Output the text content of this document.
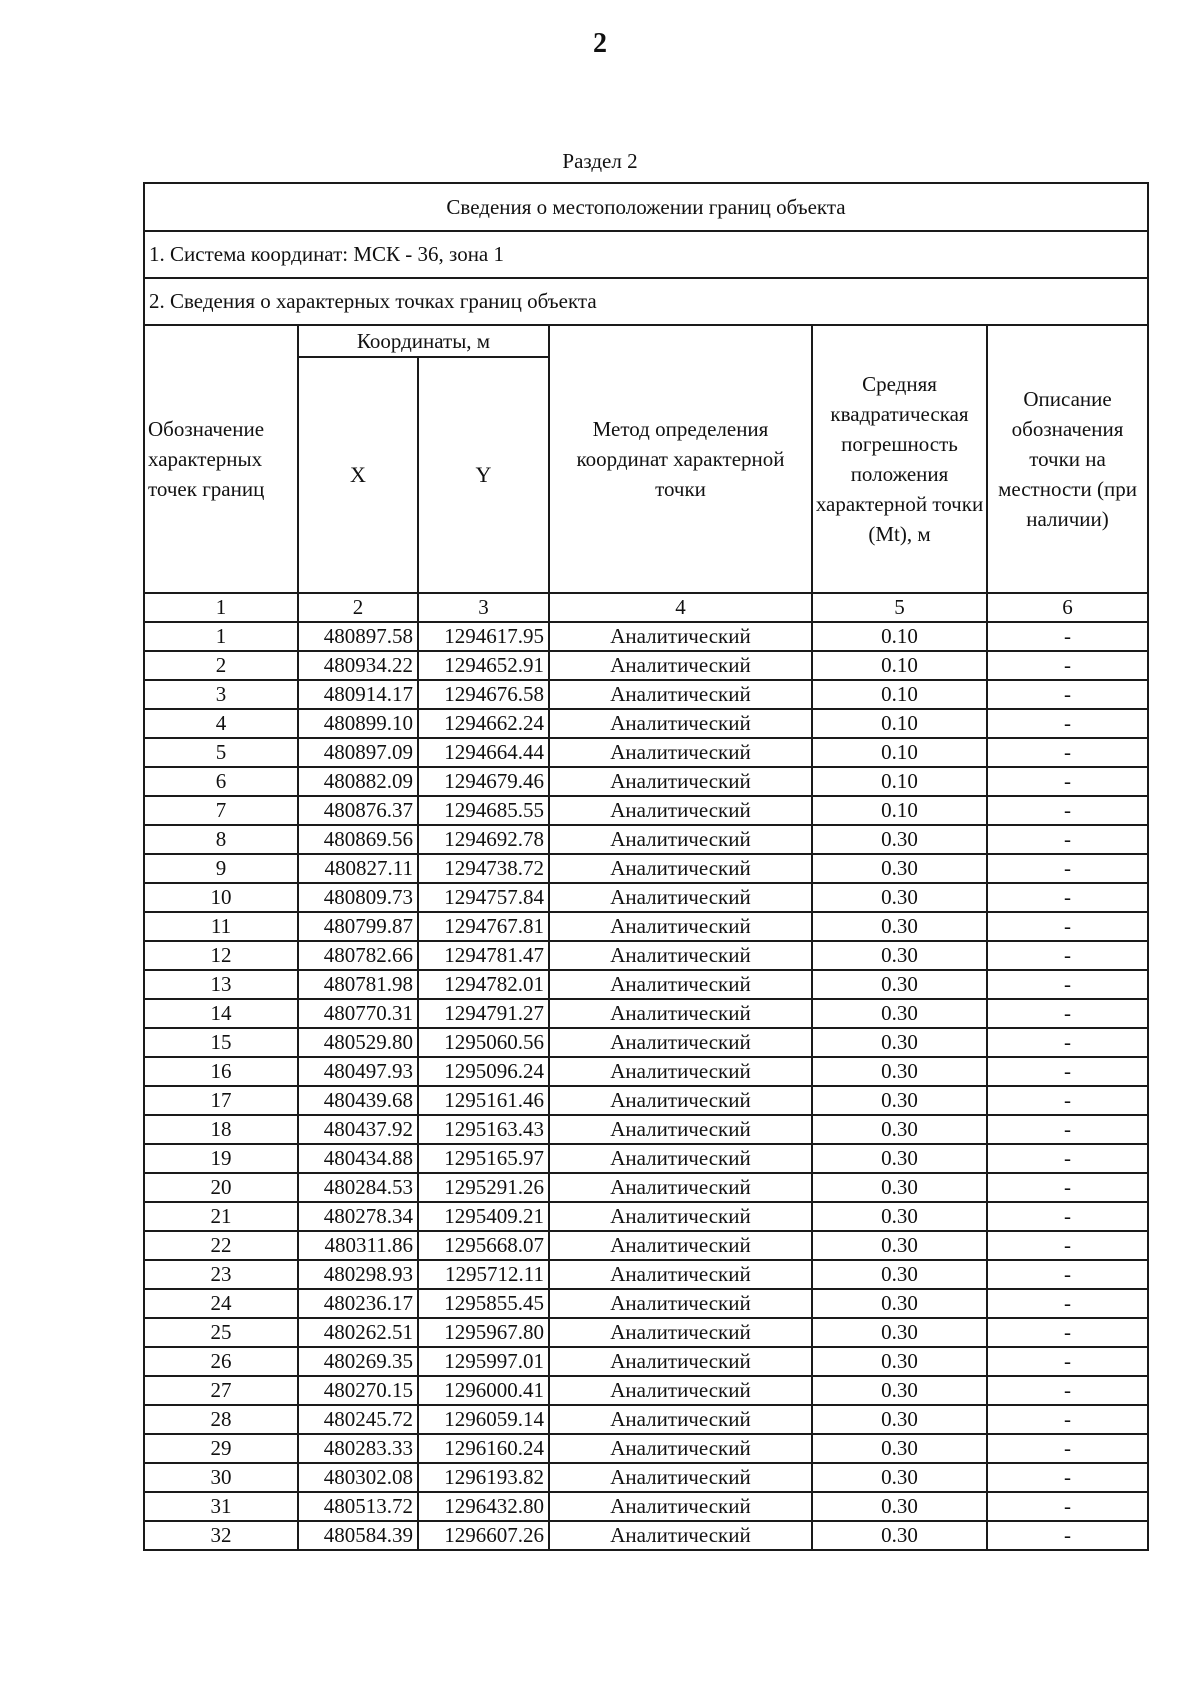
2
Раздел 2
Сведения о местоположении границ объекта					
1. Система координат: МСК - 36, зона 1					
2. Сведения о характерных точках границ объекта					
Обозначение характерных точек границ	Координаты, м		Метод определения координат характерной точки	Средняя квадратическая погрешность положения характерной точки (Mt), м	Описание обозначения точки на местности (при наличии)
	X	Y			
1	2	3	4	5	6
1	480897.58	1294617.95	Аналитический	0.10	-
2	480934.22	1294652.91	Аналитический	0.10	-
3	480914.17	1294676.58	Аналитический	0.10	-
4	480899.10	1294662.24	Аналитический	0.10	-
5	480897.09	1294664.44	Аналитический	0.10	-
6	480882.09	1294679.46	Аналитический	0.10	-
7	480876.37	1294685.55	Аналитический	0.10	-
8	480869.56	1294692.78	Аналитический	0.30	-
9	480827.11	1294738.72	Аналитический	0.30	-
10	480809.73	1294757.84	Аналитический	0.30	-
11	480799.87	1294767.81	Аналитический	0.30	-
12	480782.66	1294781.47	Аналитический	0.30	-
13	480781.98	1294782.01	Аналитический	0.30	-
14	480770.31	1294791.27	Аналитический	0.30	-
15	480529.80	1295060.56	Аналитический	0.30	-
16	480497.93	1295096.24	Аналитический	0.30	-
17	480439.68	1295161.46	Аналитический	0.30	-
18	480437.92	1295163.43	Аналитический	0.30	-
19	480434.88	1295165.97	Аналитический	0.30	-
20	480284.53	1295291.26	Аналитический	0.30	-
21	480278.34	1295409.21	Аналитический	0.30	-
22	480311.86	1295668.07	Аналитический	0.30	-
23	480298.93	1295712.11	Аналитический	0.30	-
24	480236.17	1295855.45	Аналитический	0.30	-
25	480262.51	1295967.80	Аналитический	0.30	-
26	480269.35	1295997.01	Аналитический	0.30	-
27	480270.15	1296000.41	Аналитический	0.30	-
28	480245.72	1296059.14	Аналитический	0.30	-
29	480283.33	1296160.24	Аналитический	0.30	-
30	480302.08	1296193.82	Аналитический	0.30	-
31	480513.72	1296432.80	Аналитический	0.30	-
32	480584.39	1296607.26	Аналитический	0.30	-
